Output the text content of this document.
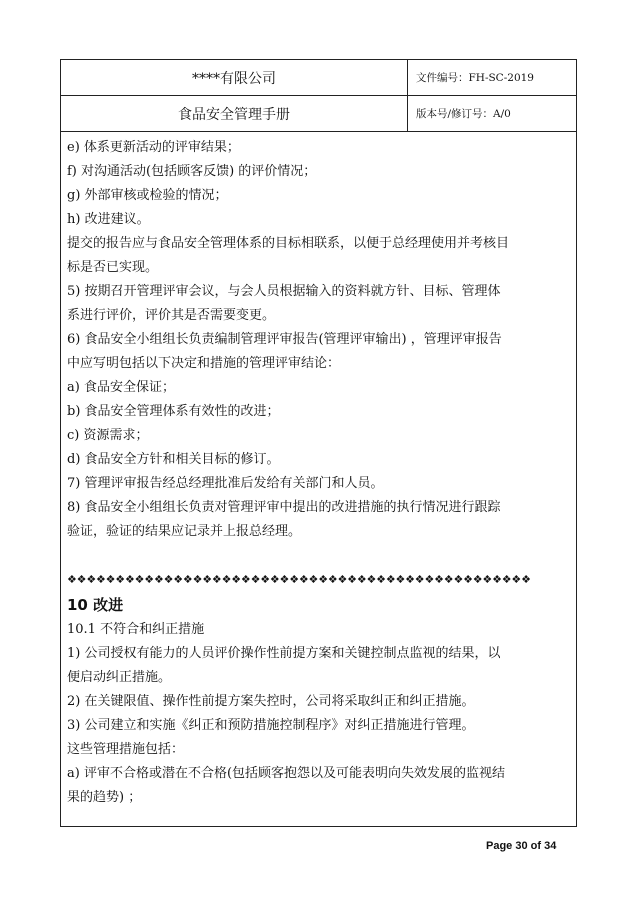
****有限公司	文件编号：FH-SC-2019
食品安全管理手册	版本号/修订号：A/0
e) 体系更新活动的评审结果；
f) 对沟通活动(包括顾客反馈) 的评价情况；
g) 外部审核或检验的情况；
h) 改进建议。
提交的报告应与食品安全管理体系的目标相联系，以便于总经理使用并考核目
标是否已实现。
5) 按期召开管理评审会议，与会人员根据输入的资料就方针、目标、管理体
系进行评价，评价其是否需要变更。
6) 食品安全小组组长负责编制管理评审报告(管理评审输出) ，管理评审报告
中应写明包括以下决定和措施的管理评审结论：
a) 食品安全保证；
b) 食品安全管理体系有效性的改进；
c) 资源需求；
d) 食品安全方针和相关目标的修订。
7) 管理评审报告经总经理批准后发给有关部门和人员。
8) 食品安全小组组长负责对管理评审中提出的改进措施的执行情况进行跟踪
验证，验证的结果应记录并上报总经理。
❖❖❖❖❖❖❖❖❖❖❖❖❖❖❖❖❖❖❖❖❖❖❖❖❖❖❖❖❖❖❖❖❖❖❖❖❖❖❖❖❖❖❖❖❖❖❖❖
10 改进
10.1 不符合和纠正措施
1) 公司授权有能力的人员评价操作性前提方案和关键控制点监视的结果，以
便启动纠正措施。
2) 在关键限值、操作性前提方案失控时，公司将采取纠正和纠正措施。
3) 公司建立和实施《纠正和预防措施控制程序》对纠正措施进行管理。
这些管理措施包括：
a) 评审不合格或潜在不合格(包括顾客抱怨以及可能表明向失效发展的监视结
果的趋势) ；
Page 30 of 34
